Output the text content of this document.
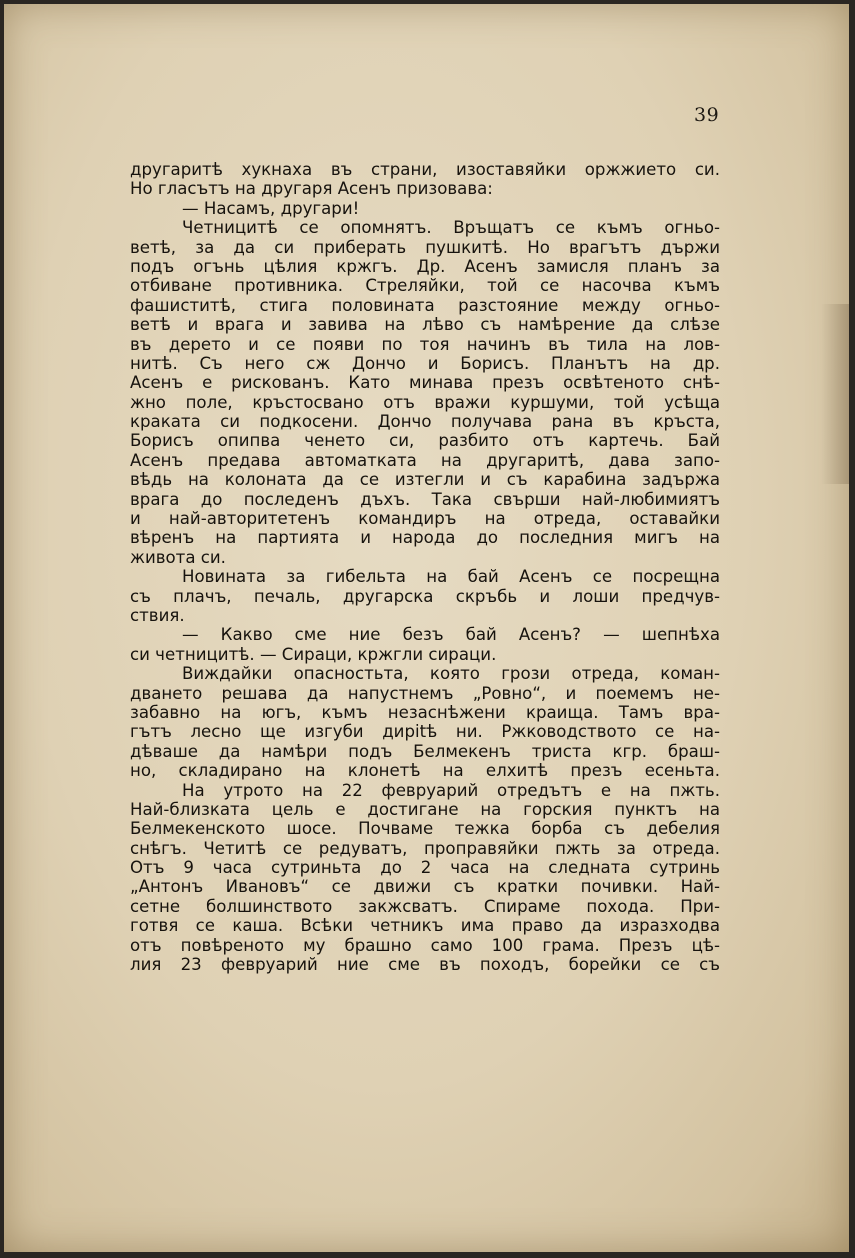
39
другаритѣ хукнаха въ страни, изоставяйки оржжието си.
Но гласътъ на другаря Асенъ призовава:
— Насамъ, другари!
Четницитѣ се опомнятъ. Връщатъ се къмъ огньо-
ветѣ, за да си приберать пушкитѣ. Но врагътъ държи
подъ огънь цѣлия кржгъ. Др. Асенъ замисля планъ за
отбиване противника. Стреляйки, той се насочва къмъ
фашиститѣ, стига половината разстояние между огньо-
ветѣ и врага и завива на лѣво съ намѣрение да слѣзе
въ дерето и се появи по тоя начинъ въ тила на лов-
нитѣ. Съ него сж Дончо и Борисъ. Планътъ на др.
Асенъ е рискованъ. Като минава презъ освѣтеното снѣ-
жно поле, кръстосвано отъ вражи куршуми, той усѣща
краката си подкосени. Дончо получава рана въ кръста,
Борисъ опипва чeнeто си, разбито отъ картечь. Бай
Асенъ предава автоматката на другаритѣ, дава запо-
вѣдь на колоната да се изтегли и съ карабина задържа
врага до последенъ дъхъ. Така свърши най-любимиятъ
и най-авторитетенъ командиръ на отреда, оставайки
вѣренъ на партията и народа до последния мигъ на
живота си.
Новината за гибельта на бай Асенъ се посрещна
съ плачъ, печаль, другарска скръбь и лоши предчув-
ствия.
— Какво сме ние безъ бай Асенъ? — шепнѣха
си четницитѣ. — Сираци, кржгли сираци.
Виждайки опасностьта, която грози отреда, коман-
дването решава да напустнемъ „Ровно“, и поемемъ не-
забавно на югъ, къмъ незаснѣжени краища. Тамъ вра-
гътъ лесно ще изгуби дирitѣ ни. Ржководството се на-
дѣваше да намѣри подъ Белмекенъ триста кгр. брaш-
но, складирано на клонетѣ на елхитѣ презъ есеньта.
На утрото на 22 февруарий отредътъ е на пжть.
Най-близката цель е достигане на горския пунктъ на
Белмекенското шосе. Почваме тежка борба съ дебелия
снѣгъ. Четитѣ се редуватъ, проправяйки пжть за отреда.
Отъ 9 часа сутриньта до 2 часа на следната сутринь
„Антонъ Ивановъ“ се движи съ кратки почивки. Най-
сетне болшинството закжсватъ. Спираме похода. При-
готвя се каша. Всѣки четникъ има право да изразходва
отъ повѣреното му брашно само 100 грама. Презъ цѣ-
лия 23 февруарий ние сме въ походъ, борейки се съ
